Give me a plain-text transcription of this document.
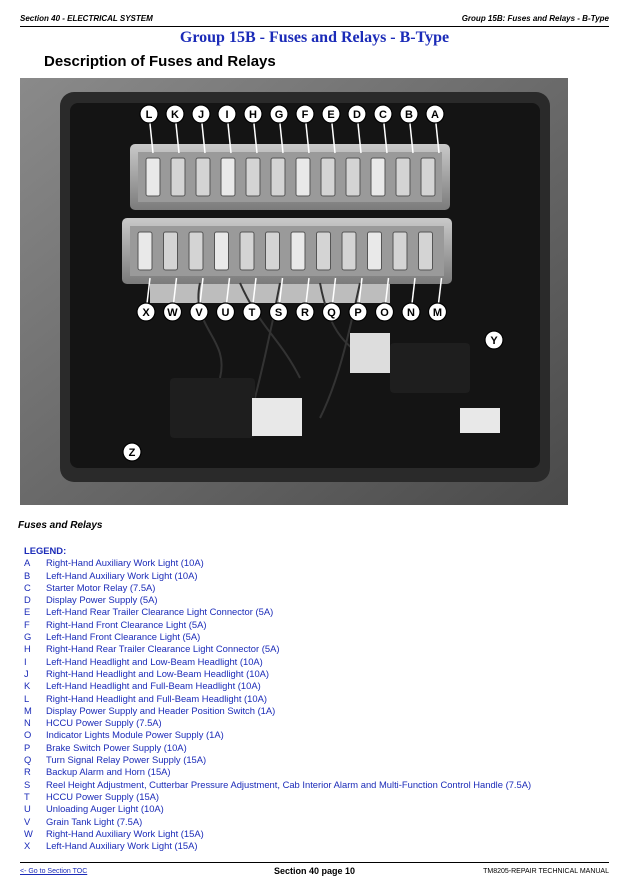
Section 40 - ELECTRICAL SYSTEM	Group 15B: Fuses and Relays - B-Type
Group 15B - Fuses and Relays - B-Type
Description of Fuses and Relays
L K J I H G F E D C B A
X W V U T S R Q P O N M
Y
Z
Fuses and Relays
LEGEND:
A Right-Hand Auxiliary Work Light (10A)
B Left-Hand Auxiliary Work Light (10A)
C Starter Motor Relay (7.5A)
D Display Power Supply (5A)
E Left-Hand Rear Trailer Clearance Light Connector (5A)
F Right-Hand Front Clearance Light (5A)
G Left-Hand Front Clearance Light (5A)
H Right-Hand Rear Trailer Clearance Light Connector (5A)
I Left-Hand Headlight and Low-Beam Headlight (10A)
J Right-Hand Headlight and Low-Beam Headlight (10A)
K Left-Hand Headlight and Full-Beam Headlight (10A)
L Right-Hand Headlight and Full-Beam Headlight (10A)
M Display Power Supply and Header Position Switch (1A)
N HCCU Power Supply (7.5A)
O Indicator Lights Module Power Supply (1A)
P Brake Switch Power Supply (10A)
Q Turn Signal Relay Power Supply (15A)
R Backup Alarm and Horn (15A)
S Reel Height Adjustment, Cutterbar Pressure Adjustment, Cab Interior Alarm and Multi-Function Control Handle (7.5A)
T HCCU Power Supply (15A)
U Unloading Auger Light (10A)
V Grain Tank Light (7.5A)
W Right-Hand Auxiliary Work Light (15A)
X Left-Hand Auxiliary Work Light (15A)
<- Go to Section TOC	Section 40 page 10	TM8205-REPAIR TECHNICAL MANUAL
